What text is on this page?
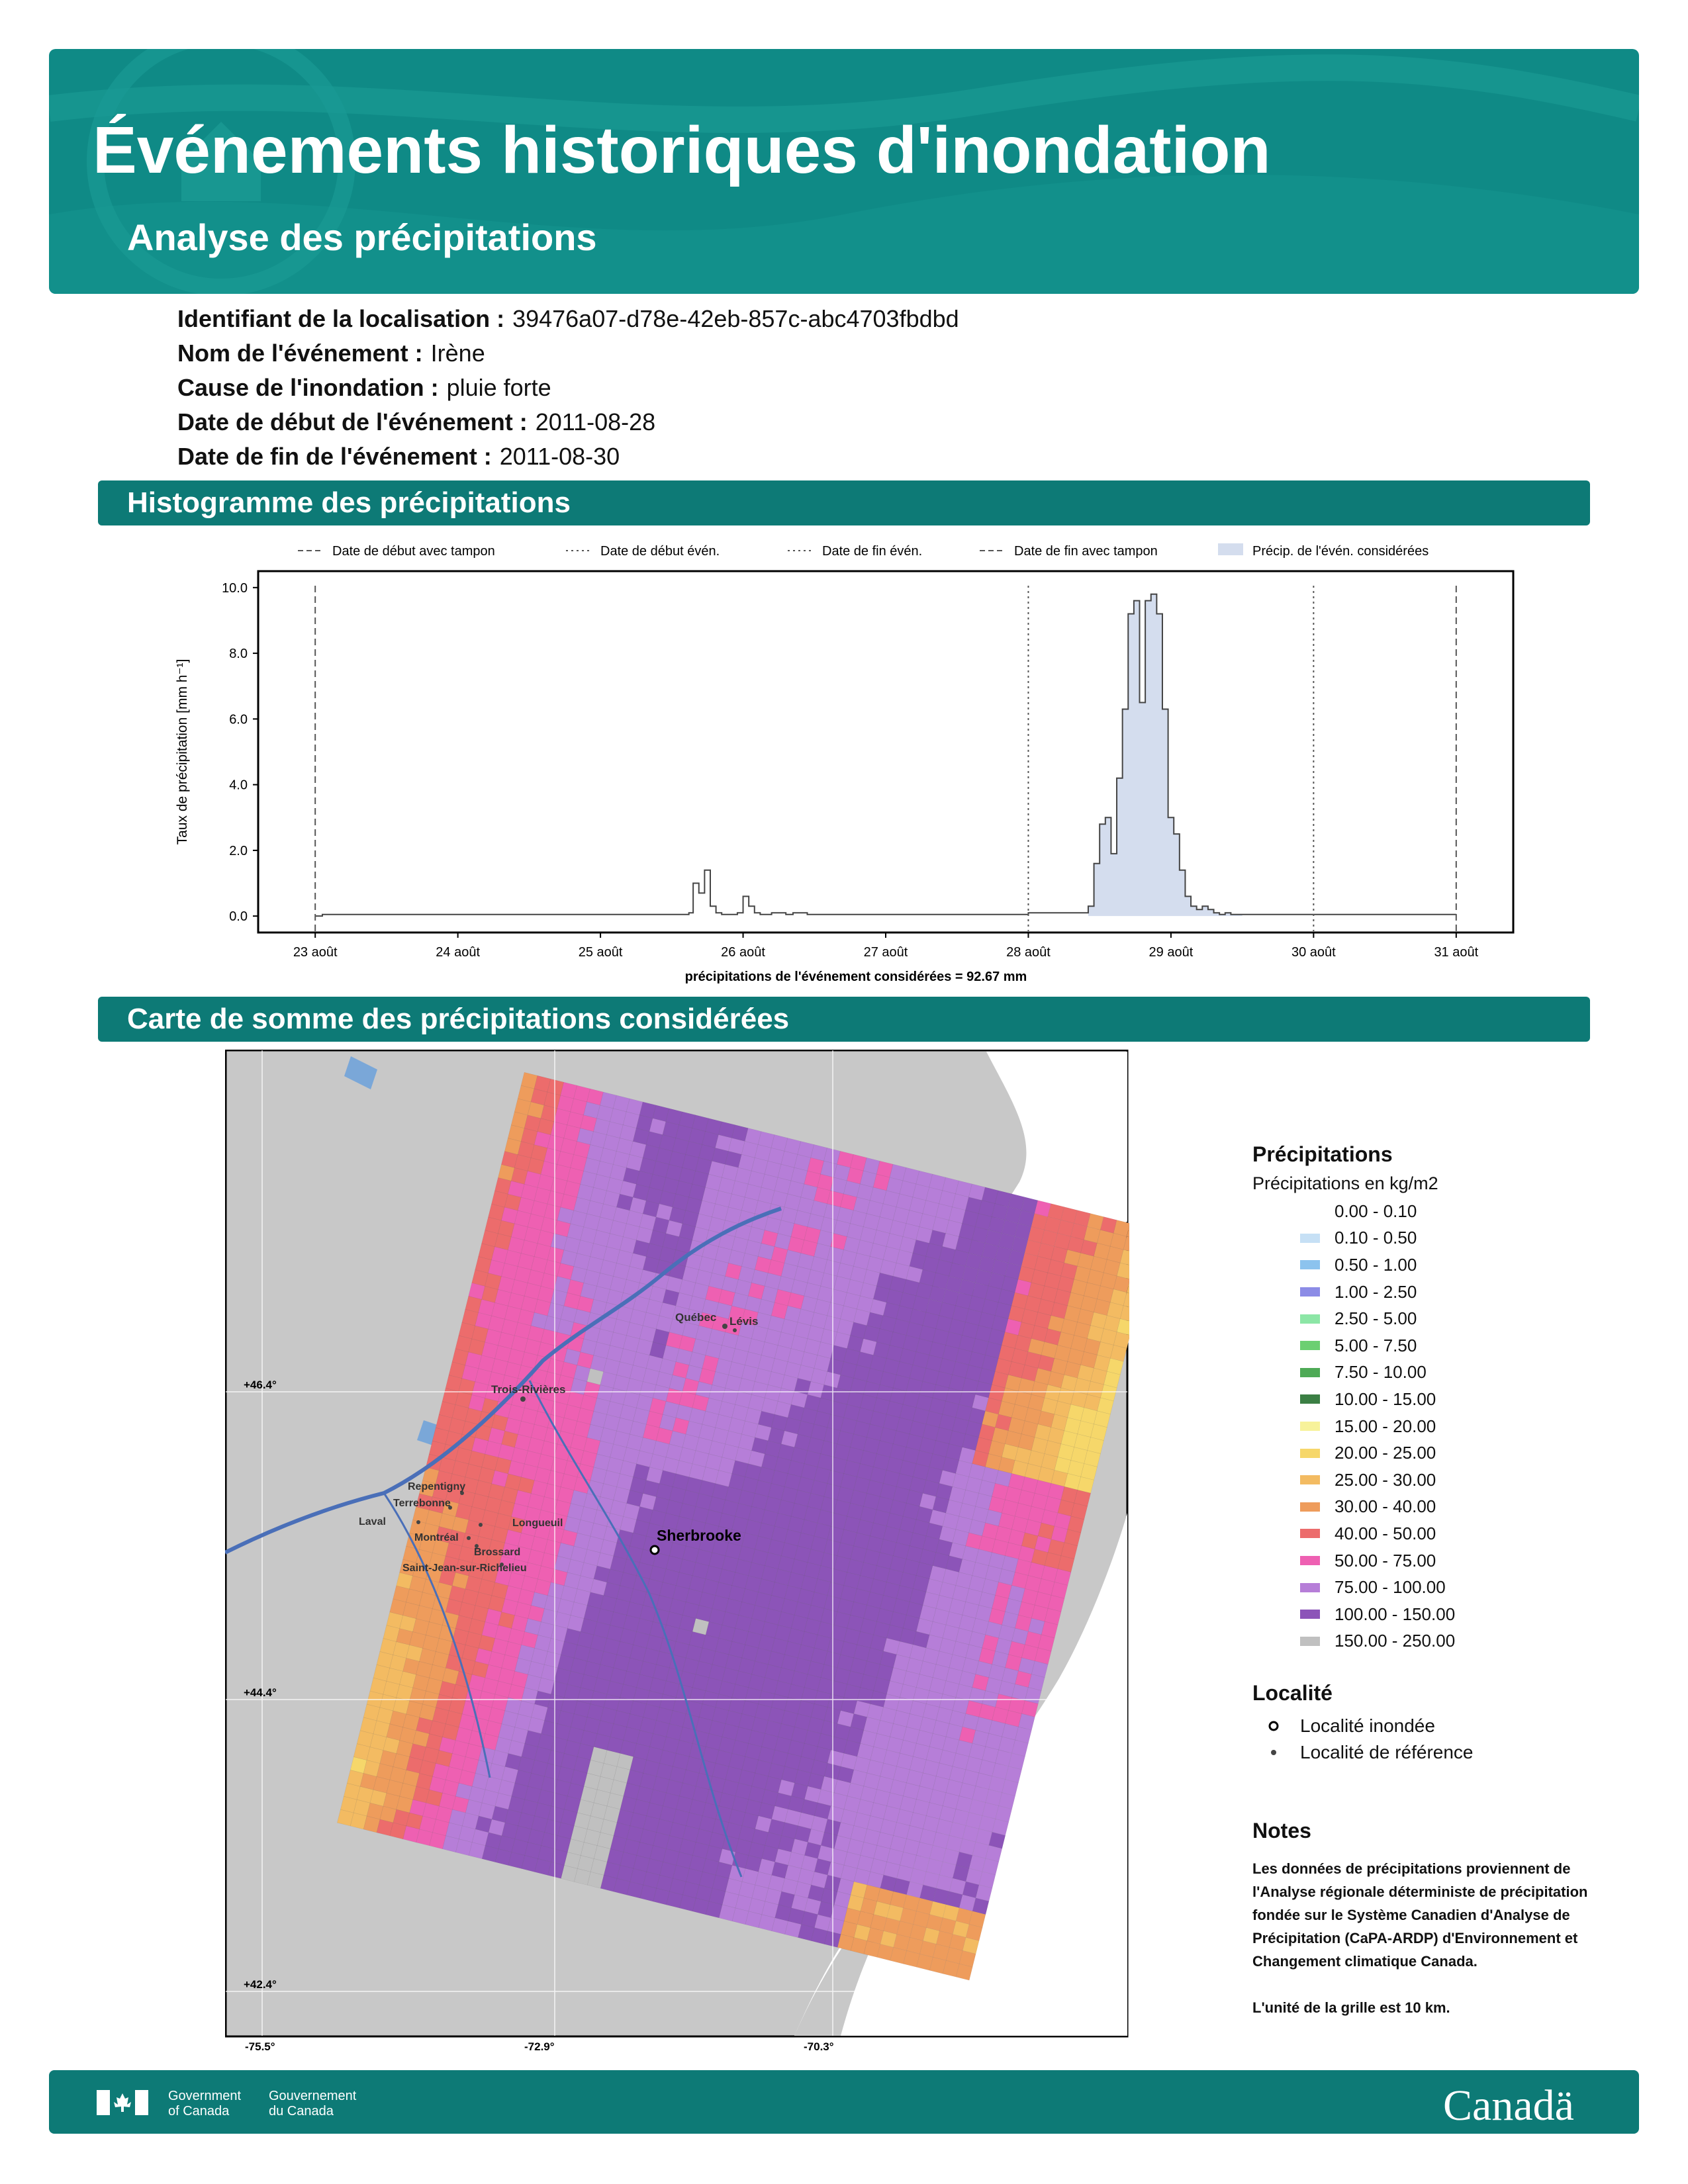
Événements historiques d'inondation
Analyse des précipitations
Identifiant de la localisation : 39476a07-d78e-42eb-857c-abc4703fbdbd
Nom de l'événement : Irène
Cause de l'inondation : pluie forte
Date de début de l'événement : 2011-08-28
Date de fin de l'événement : 2011-08-30
Histogramme des précipitations
Date de début avec tampon	Date de début évén.	Date de fin évén.	Date de fin avec tampon	Précip. de l'évén. considérées
0.0
2.0
4.0
6.0
8.0
10.0
23 août	24 août	25 août	26 août	27 août	28 août	29 août	30 août	31 août
Taux de précipitation [mm h⁻¹]
précipitations de l'événement considérées = 92.67 mm
Carte de somme des précipitations considérées
+46.4°
+44.4°
+42.4°
-75.5°	-72.9°	-70.3°
Québec Lévis
Trois-Rivières
Repentigny
Terrebonne
Laval	Longueuil
Montréal
Brossard
Saint-Jean-sur-Richelieu
Sherbrooke
Précipitations
Précipitations en kg/m2
0.00 - 0.10
0.10 - 0.50
0.50 - 1.00
1.00 - 2.50
2.50 - 5.00
5.00 - 7.50
7.50 - 10.00
10.00 - 15.00
15.00 - 20.00
20.00 - 25.00
25.00 - 30.00
30.00 - 40.00
40.00 - 50.00
50.00 - 75.00
75.00 - 100.00
100.00 - 150.00
150.00 - 250.00
Localité
Localité inondée
Localité de référence
Notes
Les données de précipitations proviennent de l'Analyse régionale déterministe de précipitation fondée sur le Système Canadien d'Analyse de Précipitation (CaPA-ARDP) d'Environnement et Changement climatique Canada.
L'unité de la grille est 10 km.
Government
of Canada
Gouvernement
du Canada	Canadä
